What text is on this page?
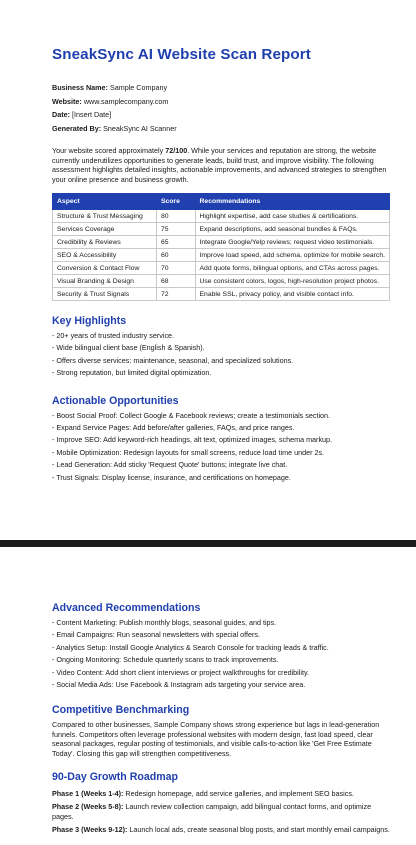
SneakSync AI Website Scan Report
Business Name: Sample Company
Website: www.samplecompany.com
Date: [Insert Date]
Generated By: SneakSync AI Scanner

Your website scored approximately 72/100. While your services and reputation are strong, the website currently underutilizes opportunities to generate leads, build trust, and improve visibility. The following assessment highlights detailed insights, actionable improvements, and advanced strategies to strengthen your online presence and business growth.

Aspect	Score	Recommendations
Structure & Trust Messaging	80	Highlight expertise, add case studies & certifications.
Services Coverage	75	Expand descriptions, add seasonal bundles & FAQs.
Credibility & Reviews	65	Integrate Google/Yelp reviews; request video testimonials.
SEO & Accessibility	60	Improve load speed, add schema, optimize for mobile search.
Conversion & Contact Flow	70	Add quote forms, bilingual options, and CTAs across pages.
Visual Branding & Design	68	Use consistent colors, logos, high-resolution project photos.
Security & Trust Signals	72	Enable SSL, privacy policy, and visible contact info.
Key Highlights
- 20+ years of trusted industry service.
- Wide bilingual client base (English & Spanish).
- Offers diverse services: maintenance, seasonal, and specialized solutions.
- Strong reputation, but limited digital optimization.
Actionable Opportunities
- Boost Social Proof: Collect Google & Facebook reviews; create a testimonials section.
- Expand Service Pages: Add before/after galleries, FAQs, and price ranges.
- Improve SEO: Add keyword-rich headings, alt text, optimized images, schema markup.
- Mobile Optimization: Redesign layouts for small screens, reduce load time under 2s.
- Lead Generation: Add sticky 'Request Quote' buttons; integrate live chat.
- Trust Signals: Display license, insurance, and certifications on homepage.
Advanced Recommendations
- Content Marketing: Publish monthly blogs, seasonal guides, and tips.
- Email Campaigns: Run seasonal newsletters with special offers.
- Analytics Setup: Install Google Analytics & Search Console for tracking leads & traffic.
- Ongoing Monitoring: Schedule quarterly scans to track improvements.
- Video Content: Add short client interviews or project walkthroughs for credibility.
- Social Media Ads: Use Facebook & Instagram ads targeting your service area.
Competitive Benchmarking

Compared to other businesses, Sample Company shows strong experience but lags in lead-generation funnels. Competitors often leverage professional websites with modern design, fast load speed, clear seasonal packages, regular posting of testimonials, and visible calls-to-action like 'Get Free Estimate Today'. Closing this gap will strengthen competitiveness.

90-Day Growth Roadmap
Phase 1 (Weeks 1-4): Redesign homepage, add service galleries, and implement SEO basics.
Phase 2 (Weeks 5-8): Launch review collection campaign, add bilingual contact forms, and optimize pages.
Phase 3 (Weeks 9-12): Launch local ads, create seasonal blog posts, and start monthly email campaigns.
